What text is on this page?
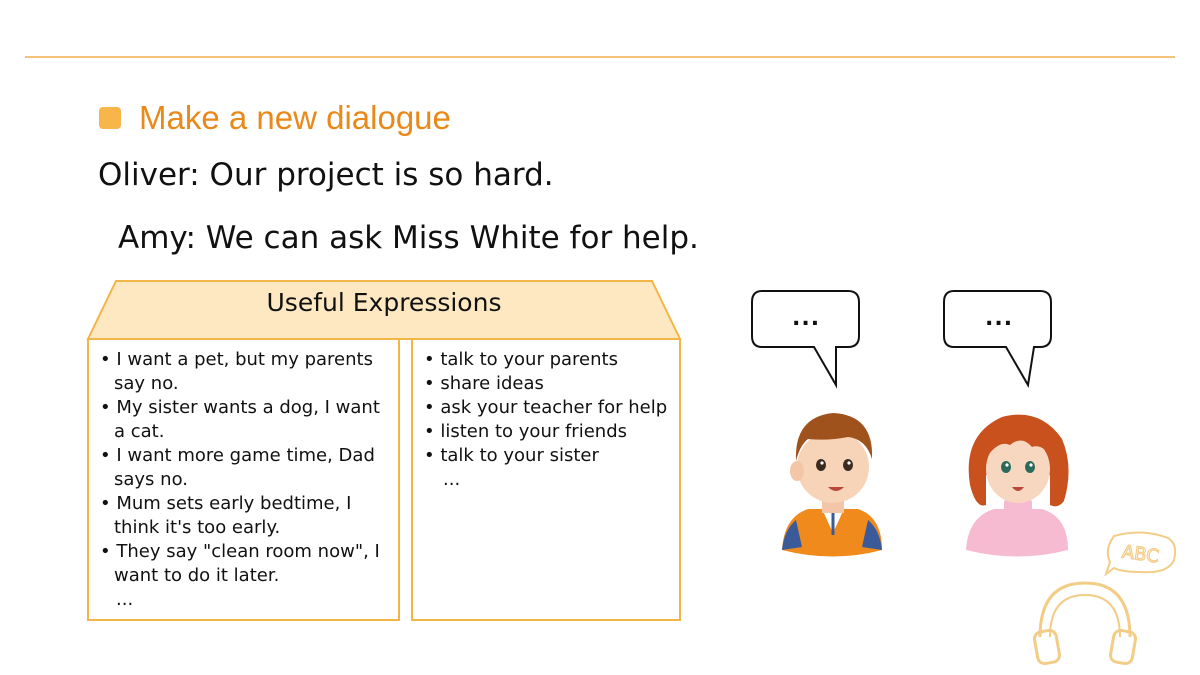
Make a new dialogue
Oliver: Our project is so hard.
Amy: We can ask Miss White for help.
Useful Expressions
• I want a pet, but my parents say no.
• My sister wants a dog, I want a cat.
• I want more game time, Dad says no.
• Mum sets early bedtime, I think it's too early.
• They say "clean room now", I want to do it later.
...
• talk to your parents
• share ideas
• ask your teacher for help
• listen to your friends
• talk to your sister
...
...	...
ABC
